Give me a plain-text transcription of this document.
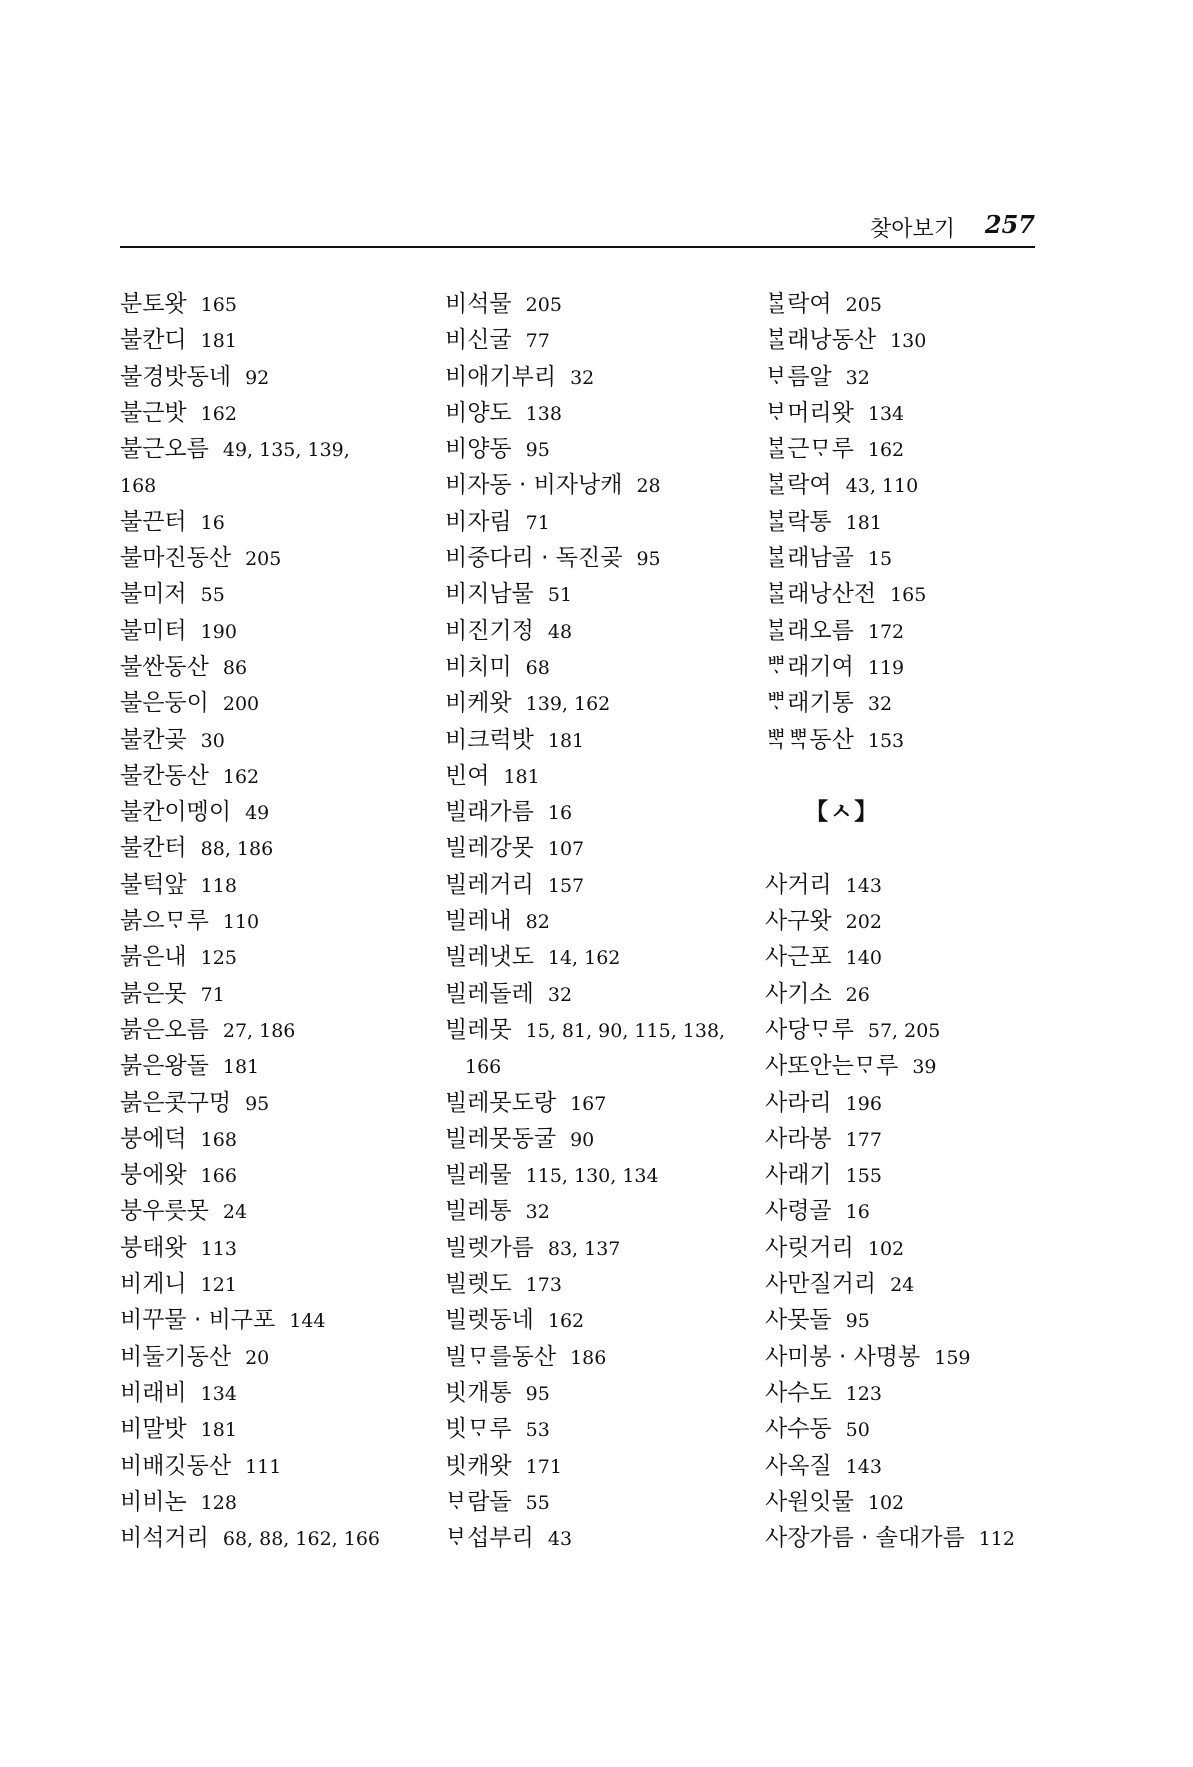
찾아보기 257
분토왓 165
불칸디 181
불경밧동네 92
불근밧 162
불근오름 49, 135, 139,
168
불끈터 16
불마진동산 205
불미저 55
불미터 190
불싼동산 86
불은둥이 200
불칸곶 30
불칸동산 162
불칸이멩이 49
불칸터 88, 186
불턱앞 118
붉으ᄆᆞ루 110
붉은내 125
붉은못 71
붉은오름 27, 186
붉은왕돌 181
붉은콧구멍 95
붕에덕 168
붕에왓 166
붕우릇못 24
붕태왓 113
비게니 121
비꾸물 · 비구포 144
비둘기동산 20
비래비 134
비말밧 181
비배깃동산 111
비비논 128
비석거리 68, 88, 162, 166
비석물 205
비신굴 77
비애기부리 32
비양도 138
비양동 95
비자동 · 비자낭캐 28
비자림 71
비중다리 · 독진곶 95
비지남물 51
비진기정 48
비치미 68
비케왓 139, 162
비크럭밧 181
빈여 181
빌래가름 16
빌레강못 107
빌레거리 157
빌레내 82
빌레냇도 14, 162
빌레돌레 32
빌레못 15, 81, 90, 115, 138,
166
빌레못도랑 167
빌레못동굴 90
빌레물 115, 130, 134
빌레통 32
빌렛가름 83, 137
빌렛도 173
빌렛동네 162
빌ᄆᆞ를동산 186
빗개통 95
빗ᄆᆞ루 53
빗캐왓 171
ᄇᆞ람돌 55
ᄇᆞ섭부리 43
ᄇᆞᆯ락여 205
ᄇᆞᆯ래낭동산 130
ᄇᆞ름알 32
ᄇᆞ머리왓 134
ᄇᆞᆯ근ᄆᆞ루 162
ᄇᆞᆯ락여 43, 110
ᄇᆞᆯ락통 181
ᄇᆞᆯ래남골 15
ᄇᆞᆯ래낭산전 165
ᄇᆞᆯ래오름 172
ᄈᆞ래기여 119
ᄈᆞ래기통 32
ᄈᆞᆨᄈᆞᆨ동산 153
【ㅅ】
사거리 143
사구왓 202
사근포 140
사기소 26
사당ᄆᆞ루 57, 205
사또안는ᄆᆞ루 39
사라리 196
사라봉 177
사래기 155
사령골 16
사릿거리 102
사만질거리 24
사못돌 95
사미봉 · 사명봉 159
사수도 123
사수동 50
사옥질 143
사원잇물 102
사장가름 · 솔대가름 112
